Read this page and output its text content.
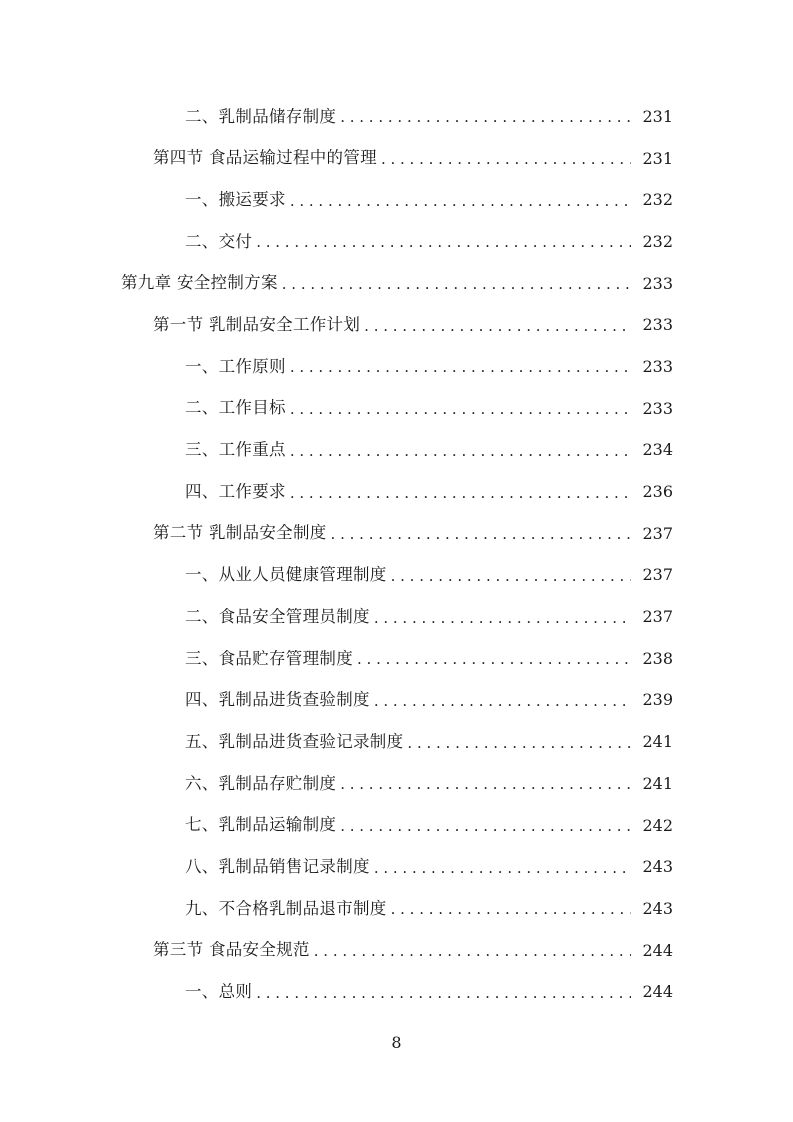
二、乳制品储存制度 . . .	231
第四节 食品运输过程中的管理 . . .	231
一、搬运要求 . . .	232
二、交付 . . .	232
第九章 安全控制方案 . . .	233
第一节 乳制品安全工作计划 . . .	233
一、工作原则 . . .	233
二、工作目标 . . .	233
三、工作重点 . . .	234
四、工作要求 . . .	236
第二节 乳制品安全制度 . . .	237
一、从业人员健康管理制度 . . .	237
二、食品安全管理员制度 . . .	237
三、食品贮存管理制度 . . .	238
四、乳制品进货查验制度 . . .	239
五、乳制品进货查验记录制度 . . .	241
六、乳制品存贮制度 . . .	241
七、乳制品运输制度 . . .	242
八、乳制品销售记录制度 . . .	243
九、不合格乳制品退市制度 . . .	243
第三节 食品安全规范 . . .	244
一、总则 . . .	244
8
